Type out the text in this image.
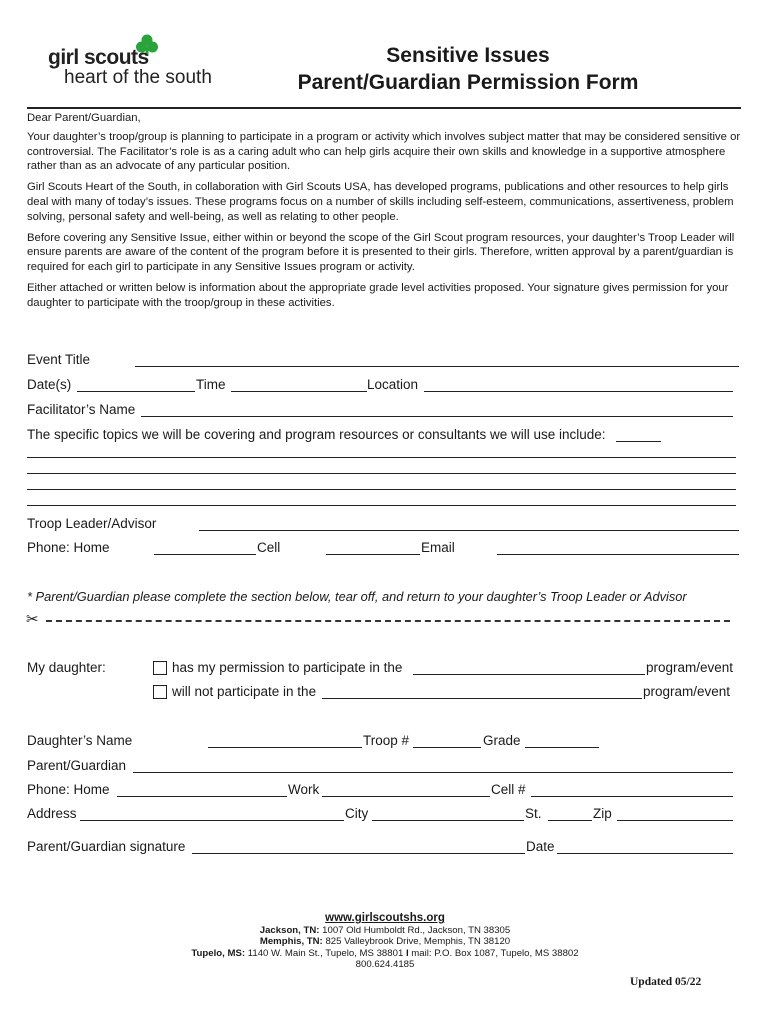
girl scouts
heart of the south
Sensitive Issues
Parent/Guardian Permission Form

Dear Parent/Guardian,

Your daughter’s troop/group is planning to participate in a program or activity which involves subject matter that may be considered sensitive or controversial. The Facilitator’s role is as a caring adult who can help girls acquire their own skills and knowledge in a supportive atmosphere rather than as an advocate of any particular position.

Girl Scouts Heart of the South, in collaboration with Girl Scouts USA, has developed programs, publications and other resources to help girls deal with many of today’s issues. These programs focus on a number of skills including self-esteem, communications, assertiveness, problem solving, personal safety and well-being, as well as relating to other people.

Before covering any Sensitive Issue, either within or beyond the scope of the Girl Scout program resources, your daughter’s Troop Leader will ensure parents are aware of the content of the program before it is presented to their girls. Therefore, written approval by a parent/guardian is required for each girl to participate in any Sensitive Issues program or activity.

Either attached or written below is information about the appropriate grade level activities proposed. Your signature gives permission for your daughter to participate with the troop/group in these activities.

Event Title
Date(s)	Time	Location
Facilitator’s Name
The specific topics we will be covering and program resources or consultants we will use include:
Troop Leader/Advisor
Phone: Home	Cell	Email
* Parent/Guardian please complete the section below, tear off, and return to your daughter’s Troop Leader or Advisor
✂
My daughter:	has my permission to participate in the	program/event
will not participate in the	program/event
Daughter’s Name	Troop #	Grade
Parent/Guardian
Phone: Home	Work	Cell #
Address	City	St.	Zip
Parent/Guardian signature	Date
www.girlscoutshs.org
Jackson, TN: 1007 Old Humboldt Rd., Jackson, TN 38305
Memphis, TN: 825 Valleybrook Drive, Memphis, TN 38120
Tupelo, MS: 1140 W. Main St., Tupelo, MS 38801 I mail: P.O. Box 1087, Tupelo, MS 38802
800.624.4185
Updated 05/22
